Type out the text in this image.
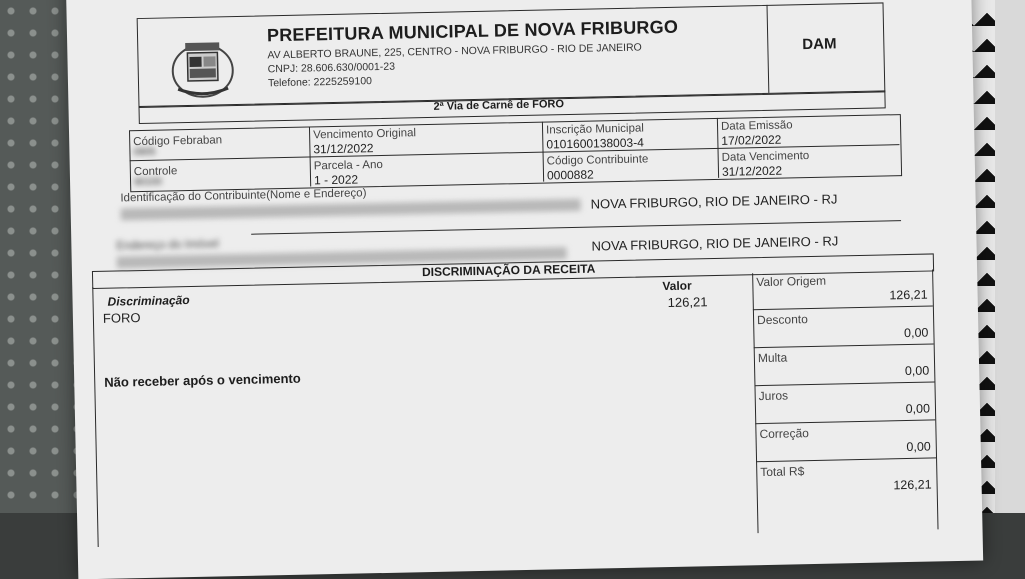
PREFEITURA MUNICIPAL DE NOVA FRIBURGO
AV ALBERTO BRAUNE, 225, CENTRO - NOVA FRIBURGO - RIO DE JANEIRO
CNPJ: 28.606.630/0001-23
Telefone: 2225259100
DAM
2ª Via de Carnê de FORO
Código Febraban
0905
Vencimento Original
31/12/2022
Inscrição Municipal
0101600138003-4
Data Emissão
17/02/2022
Controle
90100
Parcela - Ano
1 - 2022
Código Contribuinte
0000882
Data Vencimento
31/12/2022
Identificação do Contribuinte(Nome e Endereço)	NOVA FRIBURGO, RIO DE JANEIRO - RJ
Endereço do Imóvel	NOVA FRIBURGO, RIO DE JANEIRO - RJ
DISCRIMINAÇÃO DA RECEITA
Discriminação
FORO
Valor
126,21
Não receber após o vencimento
Valor Origem
126,21
Desconto
0,00
Multa
0,00
Juros
0,00
Correção
0,00
Total R$
126,21
